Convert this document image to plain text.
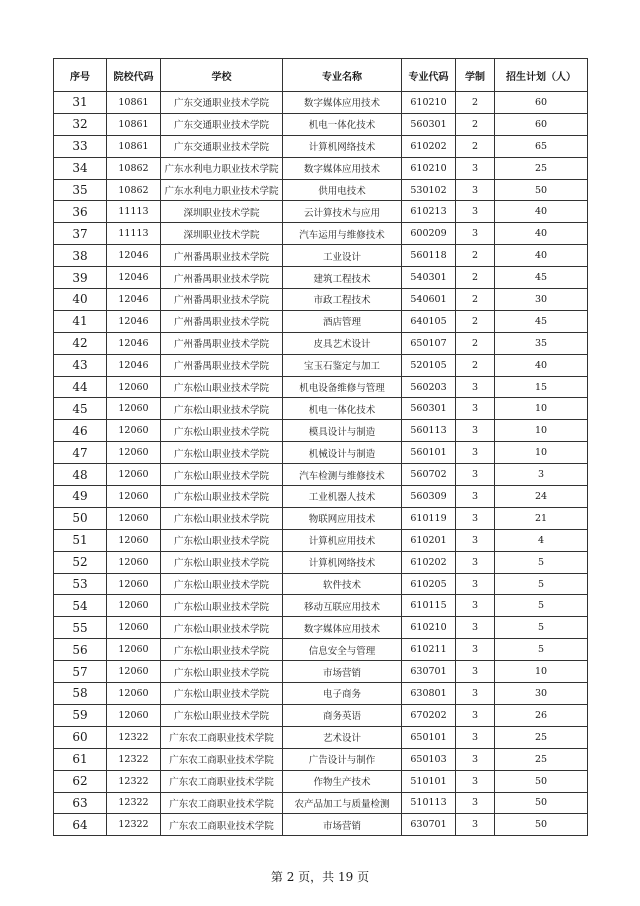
序号	院校代码	学校	专业名称	专业代码	学制	招生计划（人）
31	10861	广东交通职业技术学院	数字媒体应用技术	610210	2	60
32	10861	广东交通职业技术学院	机电一体化技术	560301	2	60
33	10861	广东交通职业技术学院	计算机网络技术	610202	2	65
34	10862	广东水利电力职业技术学院	数字媒体应用技术	610210	3	25
35	10862	广东水利电力职业技术学院	供用电技术	530102	3	50
36	11113	深圳职业技术学院	云计算技术与应用	610213	3	40
37	11113	深圳职业技术学院	汽车运用与维修技术	600209	3	40
38	12046	广州番禺职业技术学院	工业设计	560118	2	40
39	12046	广州番禺职业技术学院	建筑工程技术	540301	2	45
40	12046	广州番禺职业技术学院	市政工程技术	540601	2	30
41	12046	广州番禺职业技术学院	酒店管理	640105	2	45
42	12046	广州番禺职业技术学院	皮具艺术设计	650107	2	35
43	12046	广州番禺职业技术学院	宝玉石鉴定与加工	520105	2	40
44	12060	广东松山职业技术学院	机电设备维修与管理	560203	3	15
45	12060	广东松山职业技术学院	机电一体化技术	560301	3	10
46	12060	广东松山职业技术学院	模具设计与制造	560113	3	10
47	12060	广东松山职业技术学院	机械设计与制造	560101	3	10
48	12060	广东松山职业技术学院	汽车检测与维修技术	560702	3	3
49	12060	广东松山职业技术学院	工业机器人技术	560309	3	24
50	12060	广东松山职业技术学院	物联网应用技术	610119	3	21
51	12060	广东松山职业技术学院	计算机应用技术	610201	3	4
52	12060	广东松山职业技术学院	计算机网络技术	610202	3	5
53	12060	广东松山职业技术学院	软件技术	610205	3	5
54	12060	广东松山职业技术学院	移动互联应用技术	610115	3	5
55	12060	广东松山职业技术学院	数字媒体应用技术	610210	3	5
56	12060	广东松山职业技术学院	信息安全与管理	610211	3	5
57	12060	广东松山职业技术学院	市场营销	630701	3	10
58	12060	广东松山职业技术学院	电子商务	630801	3	30
59	12060	广东松山职业技术学院	商务英语	670202	3	26
60	12322	广东农工商职业技术学院	艺术设计	650101	3	25
61	12322	广东农工商职业技术学院	广告设计与制作	650103	3	25
62	12322	广东农工商职业技术学院	作物生产技术	510101	3	50
63	12322	广东农工商职业技术学院	农产品加工与质量检测	510113	3	50
64	12322	广东农工商职业技术学院	市场营销	630701	3	50
第 2 页，共 19 页
